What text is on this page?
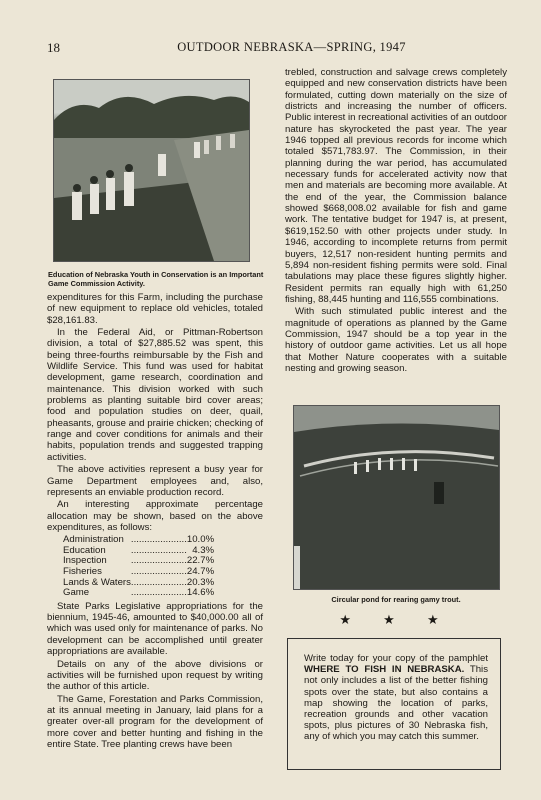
18	OUTDOOR NEBRASKA—SPRING, 1947
Education of Nebraska Youth in Conservation is an Important Game Commission Activity.

expenditures for this Farm, including the purchase of new equipment to replace old vehicles, totaled $28,161.83.

In the Federal Aid, or Pittman-Robertson division, a total of $27,885.52 was spent, this being three-fourths reimbursable by the Fish and Wildlife Service. This fund was used for habitat development, game research, coordination and maintenance. This division worked with such problems as planting suitable bird cover areas; food and population studies on deer, quail, pheasants, grouse and prairie chicken; checking of range and cover conditions for animals and their habits, population trends and suggested trapping activities.

The above activities represent a busy year for Game Department employees and, also, represents an enviable production record.

An interesting approximate percentage allocation may be shown, based on the above expenditures, as follows:

Administration	.....................	10.0%
Education	.....................	4.3%
Inspection	.....................	22.7%
Fisheries	.....................	24.7%
Lands & Waters	.....................	20.3%
Game	.....................	14.6%

State Parks Legislative appropriations for the biennium, 1945-46, amounted to $40,000.00 all of which was used only for maintenance of parks. No development can be accomplished until greater appropriations are available.

Details on any of the above divisions or activities will be furnished upon request by writing the author of this article.

The Game, Forestation and Parks Commission, at its annual meeting in January, laid plans for a greater over-all program for the development of more cover and better hunting and fishing in the entire State. Tree planting crews have been

trebled, construction and salvage crews completely equipped and new conservation districts have been formulated, cutting down materially on the size of districts and increasing the number of officers. Public interest in recreational activities of an outdoor nature has skyrocketed the past year. The year 1946 topped all previous records for income which totaled $571,783.97. The Commission, in their planning during the war period, has accumulated necessary funds for accelerated activity now that men and materials are becoming more available. At the end of the year, the Commission balance showed $668,008.02 available for fish and game work. The tentative budget for 1947 is, at present, $619,152.50 with other projects under study. In 1946, according to incomplete returns from permit buyers, 12,517 non-resident hunting permits and 5,894 non-resident fishing permits were sold. Final tabulations may place these figures slightly higher. Resident permits ran equally high with 61,250 fishing, 88,445 hunting and 116,555 combinations.

With such stimulated public interest and the magnitude of operations as planned by the Game Commission, 1947 should be a top year in the history of outdoor game activities. Let us all hope that Mother Nature cooperates with a suitable nesting and growing season.

Circular pond for rearing gamy trout.
★ ★ ★
Write today for your copy of the pamphlet WHERE TO FISH IN NEBRASKA. This not only includes a list of the better fishing spots over the state, but also contains a map showing the location of parks, recreation grounds and other vacation spots, plus pictures of 30 Nebraska fish, any of which you may catch this summer.
